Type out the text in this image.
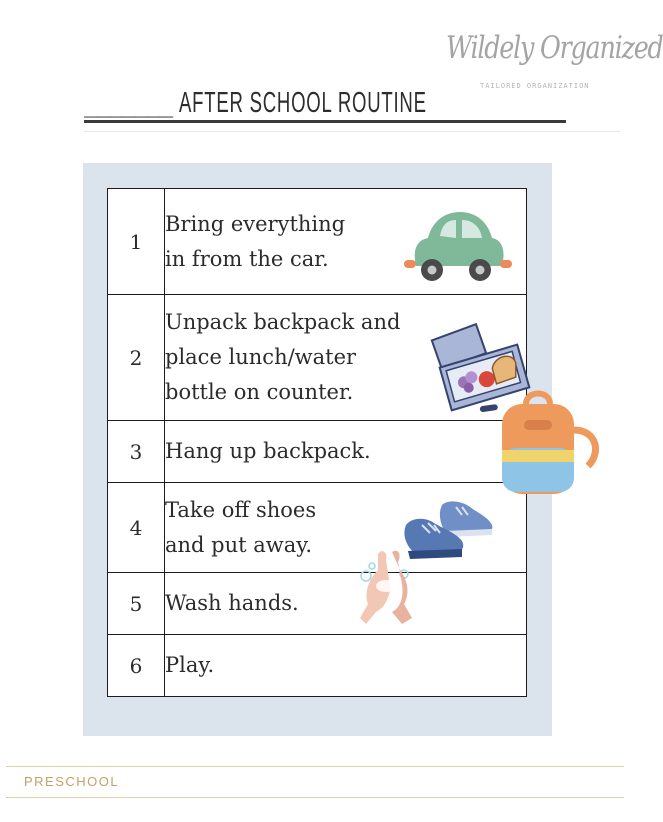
Wildely Organized
TAILORED ORGANIZATION
_______ AFTER SCHOOL ROUTINE
1	Bring everything
in from the car.
2	Unpack backpack and
place lunch/water
bottle on counter.
3	Hang up backpack.
4	Take off shoes
and put away.
5	Wash hands.
6	Play.
PRESCHOOL
